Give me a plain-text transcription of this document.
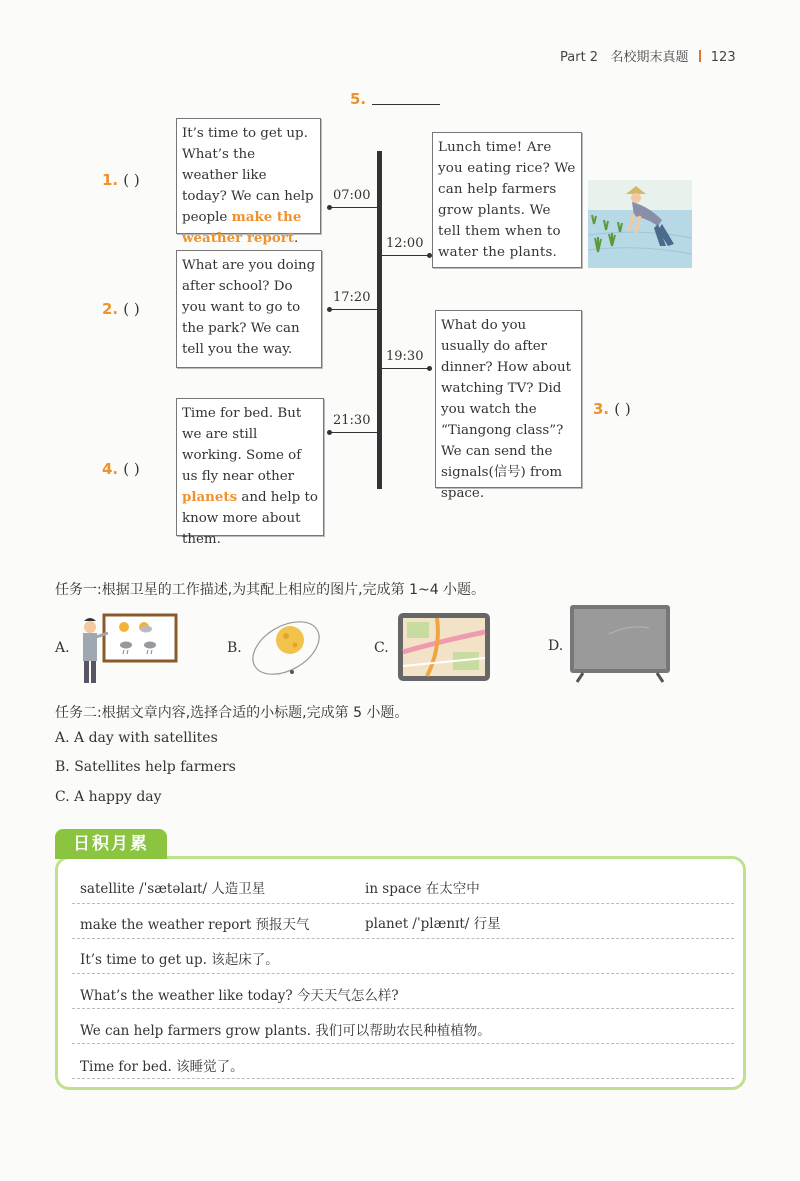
Part 2 名校期末真题 123
5.
07:00
17:20
21:30
12:00
19:30
It’s time to get up. What’s the weather like today? We can help people make the weather report.
Lunch time! Are you eating rice? We can help farmers grow plants. We tell them when to water the plants.
What are you doing after school? Do you want to go to the park? We can tell you the way.
What do you usually do after dinner? How about watching TV? Did you watch the “Tiangong class”? We can send the signals(信号) from space.
Time for bed. But we are still working. Some of us fly near other planets and help to know more about them.
1. ( )
2. ( )
3. ( )
4. ( )
任务一:根据卫星的工作描述,为其配上相应的图片,完成第 1~4 小题。
A.	B.	C.	D.
任务二:根据文章内容,选择合适的小标题,完成第 5 小题。
A. A day with satellites
B. Satellites help farmers
C. A happy day
日积月累
satellite /ˈsætəlaɪt/ 人造卫星	in space 在太空中
make the weather report 预报天气	planet /ˈplænɪt/ 行星
It’s time to get up. 该起床了。
What’s the weather like today? 今天天气怎么样?
We can help farmers grow plants. 我们可以帮助农民种植植物。
Time for bed. 该睡觉了。
